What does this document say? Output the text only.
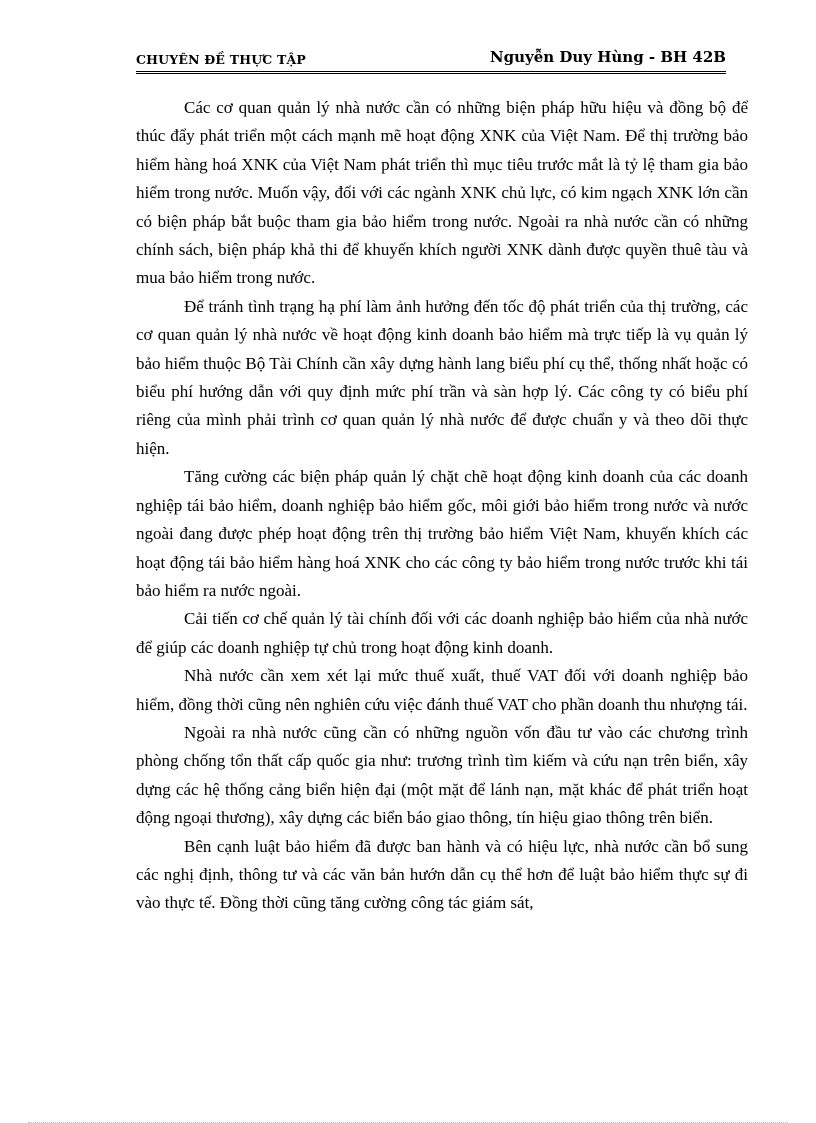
CHUYÊN ĐỀ THỰC TẬP	Nguyễn Duy Hùng - BH 42B

Các cơ quan quản lý nhà nước cần có những biện pháp hữu hiệu và đồng bộ để thúc đẩy phát triển một cách mạnh mẽ hoạt động XNK của Việt Nam. Để thị trường bảo hiểm hàng hoá XNK của Việt Nam phát triển thì mục tiêu trước mắt là tỷ lệ tham gia bảo hiểm trong nước. Muốn vậy, đối với các ngành XNK chủ lực, có kim ngạch XNK lớn cần có biện pháp bắt buộc tham gia bảo hiểm trong nước. Ngoài ra nhà nước cần có những chính sách, biện pháp khả thi để khuyến khích người XNK dành được quyền thuê tàu và mua bảo hiểm trong nước.

Để tránh tình trạng hạ phí làm ảnh hưởng đến tốc độ phát triển của thị trường, các cơ quan quản lý nhà nước về hoạt động kinh doanh bảo hiểm mà trực tiếp là vụ quản lý bảo hiểm thuộc Bộ Tài Chính cần xây dựng hành lang biểu phí cụ thể, thống nhất hoặc có biểu phí hướng dẫn với quy định mức phí trần và sàn hợp lý. Các công ty có biểu phí riêng của mình phải trình cơ quan quản lý nhà nước để được chuẩn y và theo dõi thực hiện.

Tăng cường các biện pháp quản lý chặt chẽ hoạt động kinh doanh của các doanh nghiệp tái bảo hiểm, doanh nghiệp bảo hiểm gốc, môi giới bảo hiểm trong nước và nước ngoài đang được phép hoạt động trên thị trường bảo hiểm Việt Nam, khuyến khích các hoạt động tái bảo hiểm hàng hoá XNK cho các công ty bảo hiểm trong nước trước khi tái bảo hiểm ra nước ngoài.

Cải tiến cơ chế quản lý tài chính đối với các doanh nghiệp bảo hiểm của nhà nước để giúp các doanh nghiệp tự chủ trong hoạt động kinh doanh.

Nhà nước cần xem xét lại mức thuế xuất, thuế VAT đối với doanh nghiệp bảo hiểm, đồng thời cũng nên nghiên cứu việc đánh thuế VAT cho phần doanh thu nhượng tái.

Ngoài ra nhà nước cũng cần có những nguồn vốn đầu tư vào các chương trình phòng chống tổn thất cấp quốc gia như: trương trình tìm kiếm và cứu nạn trên biển, xây dựng các hệ thống cảng biển hiện đại (một mặt để lánh nạn, mặt khác để phát triển hoạt động ngoại thương), xây dựng các biển báo giao thông, tín hiệu giao thông trên biển.

Bên cạnh luật bảo hiểm đã được ban hành và có hiệu lực, nhà nước cần bổ sung các nghị định, thông tư và các văn bản hướn dẫn cụ thể hơn để luật bảo hiểm thực sự đi vào thực tế. Đồng thời cũng tăng cường công tác giám sát,
